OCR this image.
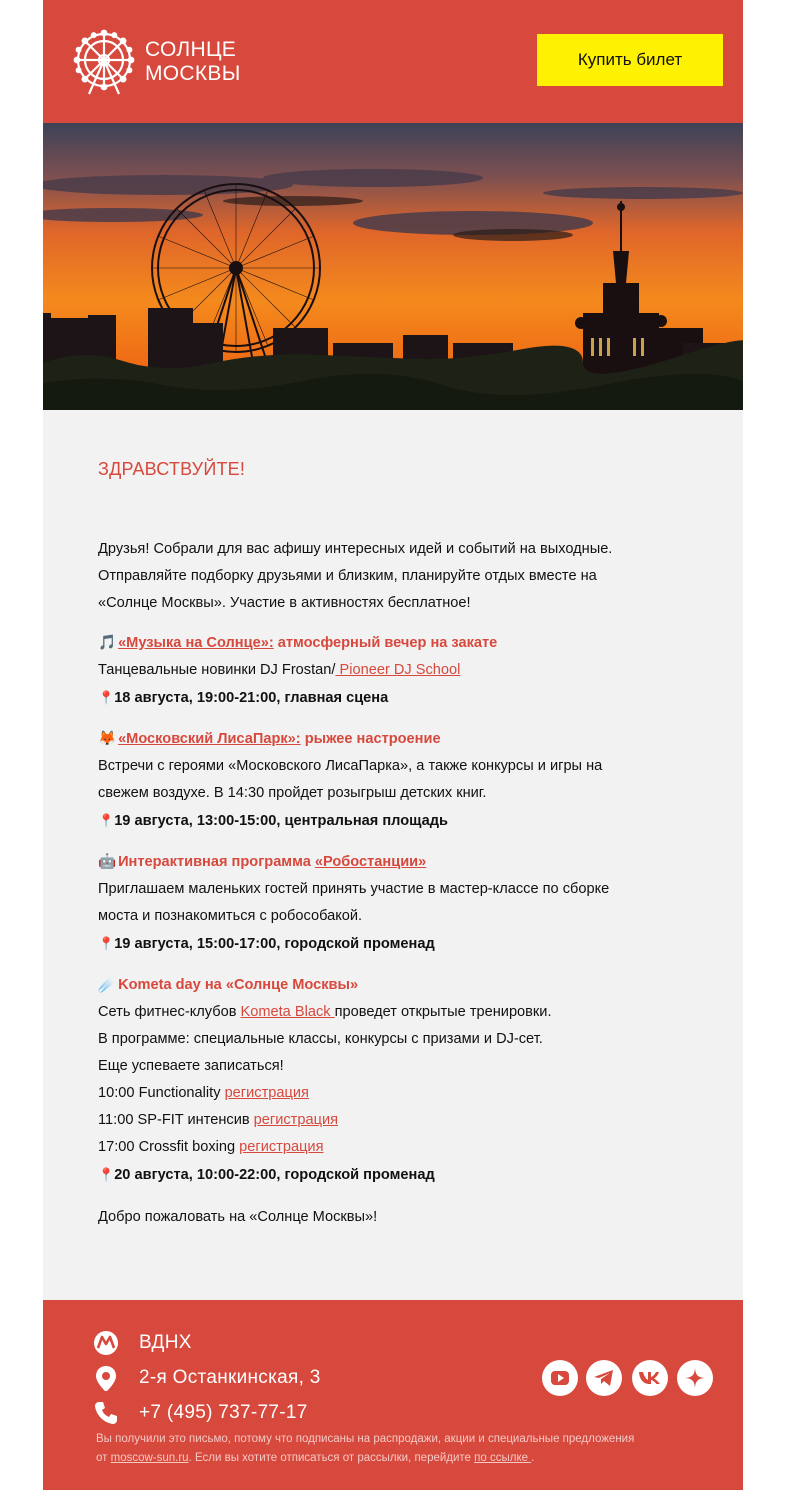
СОЛНЦЕ
МОСКВЫ
Купить билет
ЗДРАВСТВУЙТЕ!
Друзья! Собрали для вас афишу интересных идей и событий на выходные. Отправляйте подборку друзьями и близким, планируйте отдых вместе на «Солнце Москвы». Участие в активностях бесплатное!
🎵 «Музыка на Солнце»: атмосферный вечер на закате
Танцевальные новинки DJ Frostan/ Pioneer DJ School
📍18 августа, 19:00-21:00, главная сцена
🦊 «Московский ЛисаПарк»: рыжее настроение
Встречи с героями «Московского ЛисаПарка», а также конкурсы и игры на свежем воздухе. В 14:30 пройдет розыгрыш детских книг.
📍19 августа, 13:00-15:00, центральная площадь
🤖 Интерактивная программа «Робостанции»
Приглашаем маленьких гостей принять участие в мастер-классе по сборке моста и познакомиться с робособакой.
📍19 августа, 15:00-17:00, городской променад
☄️ Kometa day на «Солнце Москвы»
Сеть фитнес-клубов Kometa Black проведет открытые тренировки.
В программе: специальные классы, конкурсы с призами и DJ-сет.
Еще успеваете записаться!
10:00 Functionality регистрация
11:00 SP-FIT интенсив регистрация
17:00 Crossfit boxing регистрация
📍20 августа, 10:00-22:00, городской променад
Добро пожаловать на «Солнце Москвы»!
ВДНХ
2-я Останкинская, 3
+7 (495) 737-77-17
Вы получили это письмо, потому что подписаны на распродажи, акции и специальные предложения
от moscow-sun.ru. Если вы хотите отписаться от рассылки, перейдите по ссылке .
